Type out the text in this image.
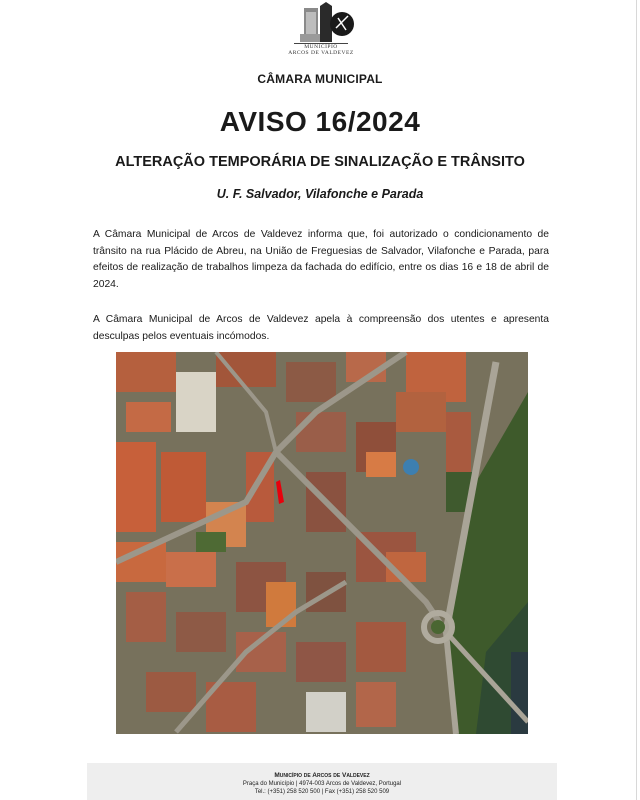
MUNICÍPIO
ARCOS DE VALDEVEZ
CÂMARA MUNICIPAL
AVISO 16/2024
ALTERAÇÃO TEMPORÁRIA DE SINALIZAÇÃO E TRÂNSITO
U. F. Salvador, Vilafonche e Parada

A Câmara Municipal de Arcos de Valdevez informa que, foi autorizado o condicionamento de trânsito na rua Plácido de Abreu, na União de Freguesias de Salvador, Vilafonche e Parada, para efeitos de realização de trabalhos limpeza da fachada do edifício, entre os dias 16 e 18 de abril de 2024.

A Câmara Municipal de Arcos de Valdevez apela à compreensão dos utentes e apresenta desculpas pelos eventuais incómodos.

Município de Arcos de Valdevez
Praça do Município | 4974-003 Arcos de Valdevez, Portugal
Tel.: (+351) 258 520 500 | Fax (+351) 258 520 509
